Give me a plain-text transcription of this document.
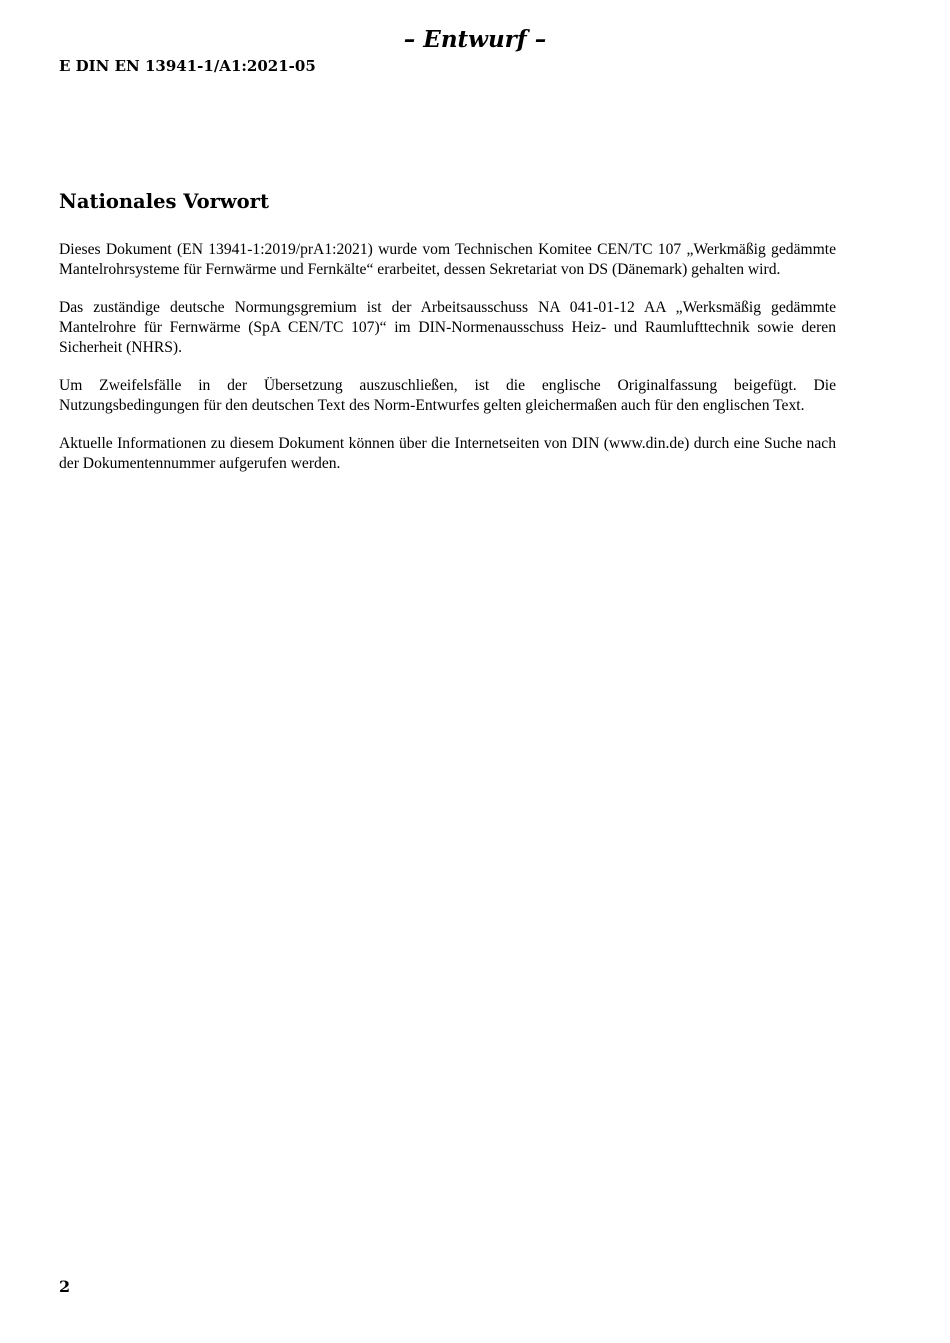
– Entwurf –
E DIN EN 13941-1/A1:2021-05
Nationales Vorwort

Dieses Dokument (EN 13941-1:2019/prA1:2021) wurde vom Technischen Komitee CEN/TC 107 „Werkmäßig gedämmte Mantelrohrsysteme für Fernwärme und Fernkälte“ erarbeitet, dessen Sekretariat von DS (Dänemark) gehalten wird.

Das zuständige deutsche Normungsgremium ist der Arbeitsausschuss NA 041-01-12 AA „Werksmäßig gedämmte Mantelrohre für Fernwärme (SpA CEN/TC 107)“ im DIN-Normenausschuss Heiz- und Raumlufttechnik sowie deren Sicherheit (NHRS).

Um Zweifelsfälle in der Übersetzung auszuschließen, ist die englische Originalfassung beigefügt. Die Nutzungsbedingungen für den deutschen Text des Norm-Entwurfes gelten gleichermaßen auch für den englischen Text.

Aktuelle Informationen zu diesem Dokument können über die Internetseiten von DIN (www.din.de) durch eine Suche nach der Dokumentennummer aufgerufen werden.

2
